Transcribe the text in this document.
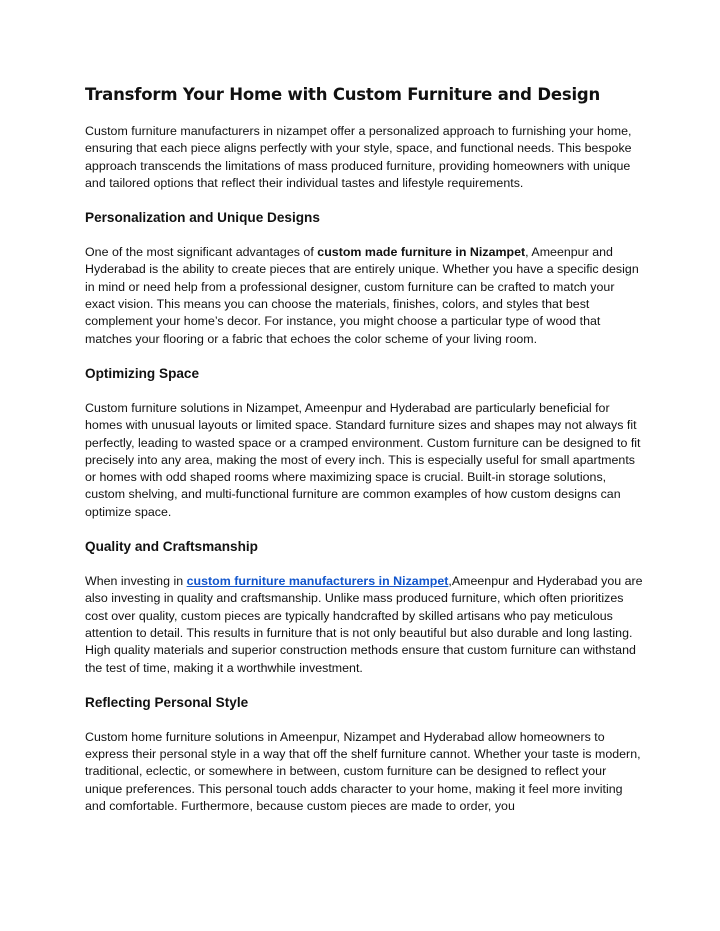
Transform Your Home with Custom Furniture and Design

Custom furniture manufacturers in nizampet offer a personalized approach to furnishing your home, ensuring that each piece aligns perfectly with your style, space, and functional needs. This bespoke approach transcends the limitations of mass produced furniture, providing homeowners with unique and tailored options that reflect their individual tastes and lifestyle requirements.

Personalization and Unique Designs

One of the most significant advantages of custom made furniture in Nizampet, Ameenpur and Hyderabad is the ability to create pieces that are entirely unique. Whether you have a specific design in mind or need help from a professional designer, custom furniture can be crafted to match your exact vision. This means you can choose the materials, finishes, colors, and styles that best complement your home’s decor. For instance, you might choose a particular type of wood that matches your flooring or a fabric that echoes the color scheme of your living room.

Optimizing Space

Custom furniture solutions in Nizampet, Ameenpur and Hyderabad are particularly beneficial for homes with unusual layouts or limited space. Standard furniture sizes and shapes may not always fit perfectly, leading to wasted space or a cramped environment. Custom furniture can be designed to fit precisely into any area, making the most of every inch. This is especially useful for small apartments or homes with odd shaped rooms where maximizing space is crucial. Built-in storage solutions, custom shelving, and multi-functional furniture are common examples of how custom designs can optimize space.

Quality and Craftsmanship

When investing in custom furniture manufacturers in Nizampet,Ameenpur and Hyderabad you are also investing in quality and craftsmanship. Unlike mass produced furniture, which often prioritizes cost over quality, custom pieces are typically handcrafted by skilled artisans who pay meticulous attention to detail. This results in furniture that is not only beautiful but also durable and long lasting. High quality materials and superior construction methods ensure that custom furniture can withstand the test of time, making it a worthwhile investment.

Reflecting Personal Style

Custom home furniture solutions in Ameenpur, Nizampet and Hyderabad allow homeowners to express their personal style in a way that off the shelf furniture cannot. Whether your taste is modern, traditional, eclectic, or somewhere in between, custom furniture can be designed to reflect your unique preferences. This personal touch adds character to your home, making it feel more inviting and comfortable. Furthermore, because custom pieces are made to order, you
